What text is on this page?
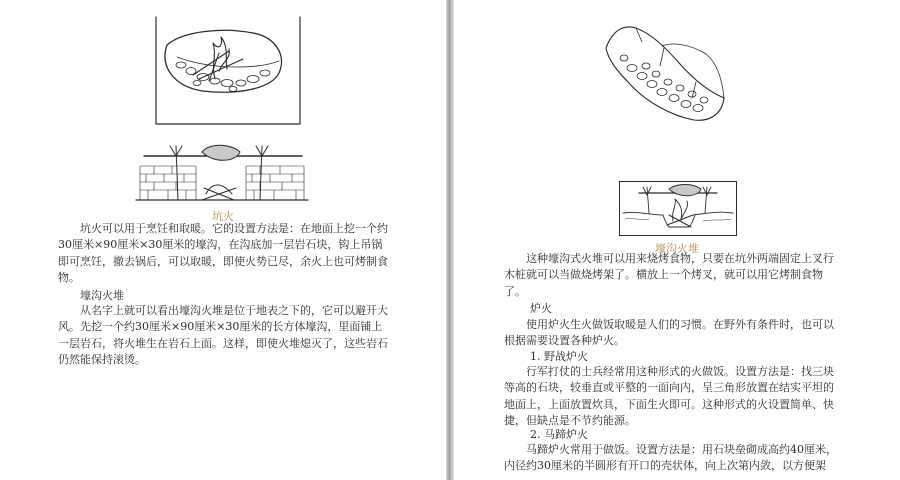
坑火

坑火可以用于烹饪和取暖。它的设置方法是：在地面上挖一个约30厘米×90厘米×30厘米的壕沟，在沟底加一层岩石块，钩上吊锅即可烹饪，撤去锅后，可以取暖，即使火势已尽，余火上也可烤制食物。

壕沟火堆

从名字上就可以看出壕沟火堆是位于地表之下的，它可以避开大风。先挖一个约30厘米×90厘米×30厘米的长方体壕沟，里面铺上一层岩石，将火堆生在岩石上面。这样，即使火堆熄灭了，这些岩石仍然能保持滚烫。

壕沟火堆

这种壕沟式火堆可以用来烧烤食物，只要在坑外两端固定上叉行木桩就可以当做烧烤架了。横放上一个烤叉，就可以用它烤制食物了。

炉火

使用炉火生火做饭取暖是人们的习惯。在野外有条件时，也可以根据需要设置各种炉火。

1. 野战炉火

行军打仗的士兵经常用这种形式的火做饭。设置方法是：找三块等高的石块，较垂直或平整的一面向内，呈三角形放置在结实平坦的地面上，上面放置炊具，下面生火即可。这种形式的火设置简单、快捷，但缺点是不节约能源。

2. 马蹄炉火

马蹄炉火常用于做饭。设置方法是：用石块垒砌成高约40厘米，内径约30厘米的半圆形有开口的壳状体，向上次第内敛，以方便架
